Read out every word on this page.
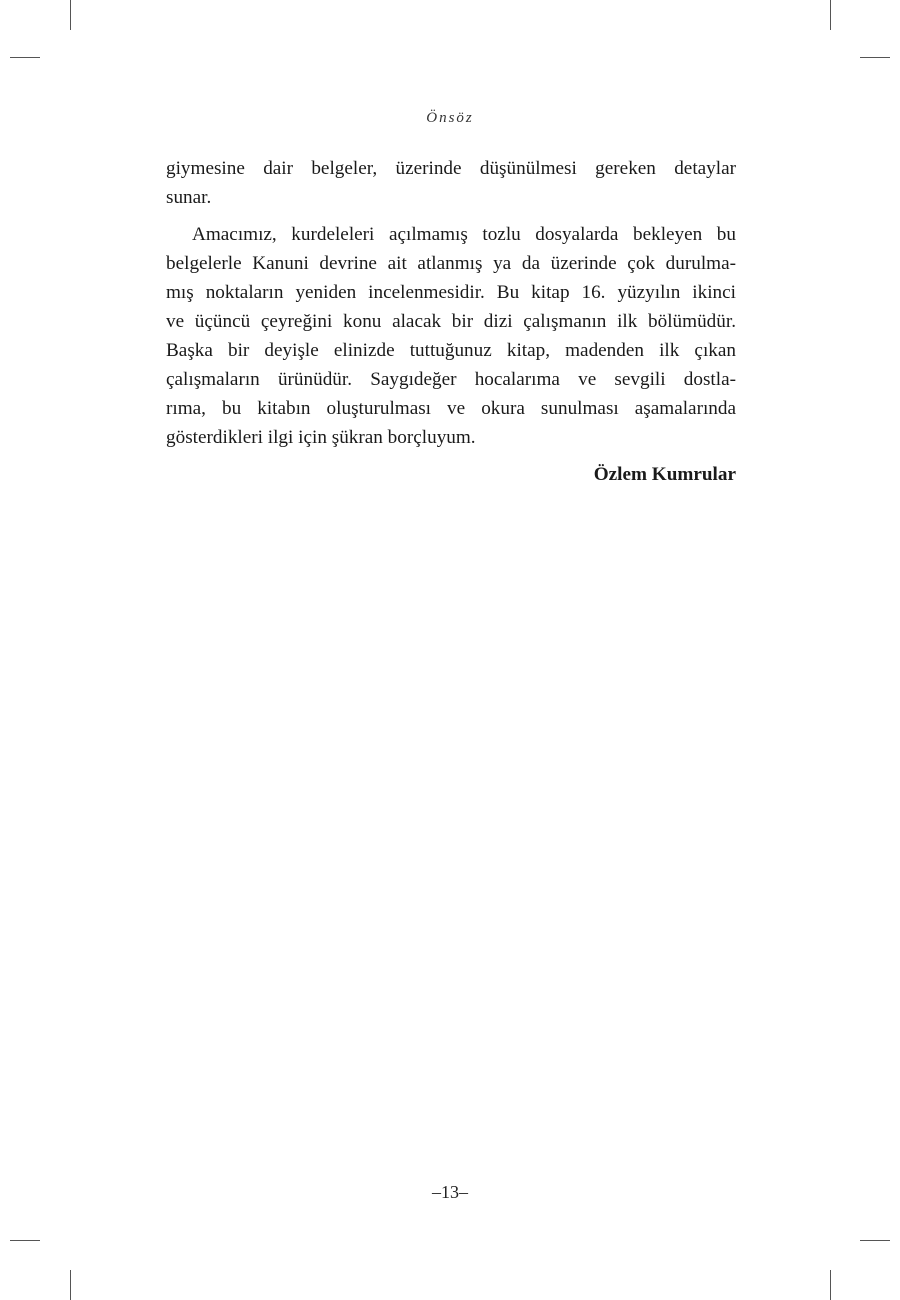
Önsöz

giymesine dair belgeler, üzerinde düşünülmesi gereken detaylar
sunar.

Amacımız, kurdeleleri açılmamış tozlu dosyalarda bekleyen bu
belgelerle Kanuni devrine ait atlanmış ya da üzerinde çok durulma-
mış noktaların yeniden incelenmesidir. Bu kitap 16. yüzyılın ikinci
ve üçüncü çeyreğini konu alacak bir dizi çalışmanın ilk bölümüdür.
Başka bir deyişle elinizde tuttuğunuz kitap, madenden ilk çıkan
çalışmaların ürünüdür. Saygıdeğer hocalarıma ve sevgili dostla-
rıma, bu kitabın oluşturulması ve okura sunulması aşamalarında
gösterdikleri ilgi için şükran borçluyum.

Özlem Kumrular
–13–
